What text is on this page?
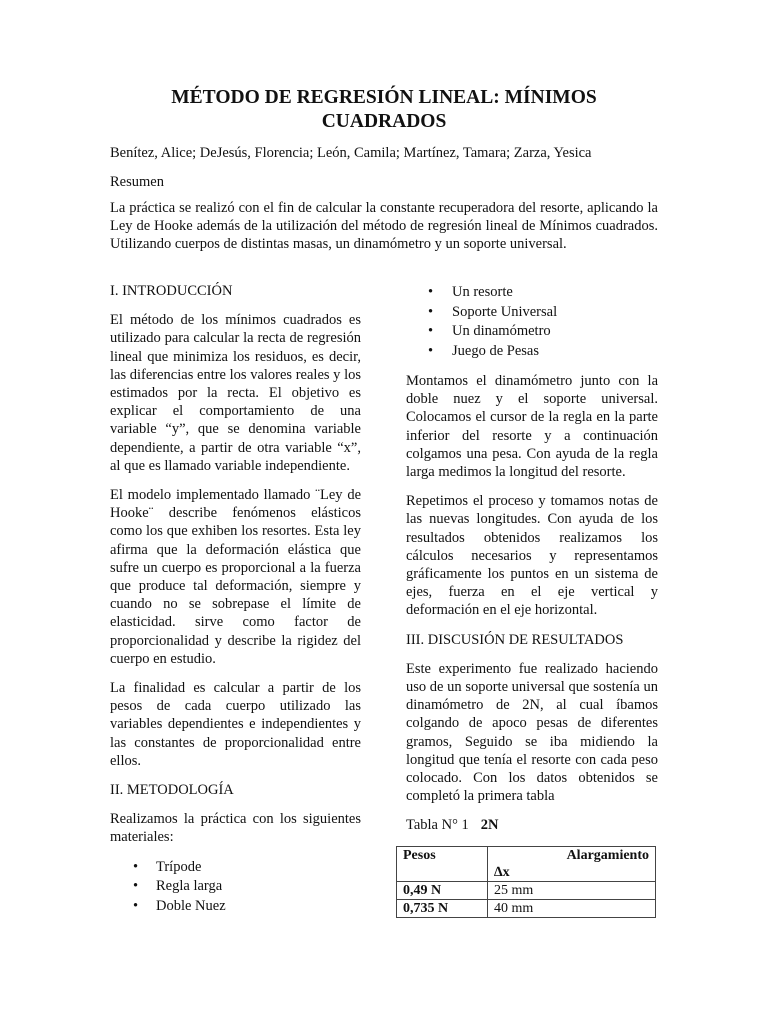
MÉTODO DE REGRESIÓN LINEAL: MÍNIMOS CUADRADOS
Benítez, Alice; DeJesús, Florencia; León, Camila; Martínez, Tamara; Zarza, Yesica
Resumen
La práctica se realizó con el fin de calcular la constante recuperadora del resorte, aplicando la Ley de Hooke además de la utilización del método de regresión lineal de Mínimos cuadrados. Utilizando cuerpos de distintas masas, un dinamómetro y un soporte universal.
I. INTRODUCCIÓN

El método de los mínimos cuadrados es utilizado para calcular la recta de regresión lineal que minimiza los residuos, es decir, las diferencias entre los valores reales y los estimados por la recta. El objetivo es explicar el comportamiento de una variable “y”, que se denomina variable dependiente, a partir de otra variable “x”, al que es llamado variable independiente.

El modelo implementado llamado ¨Ley de Hooke¨ describe fenómenos elásticos como los que exhiben los resortes. Esta ley afirma que la deformación elástica que sufre un cuerpo es proporcional a la fuerza que produce tal deformación, siempre y cuando no se sobrepase el límite de elasticidad. sirve como factor de proporcionalidad y describe la rigidez del cuerpo en estudio.

La finalidad es calcular a partir de los pesos de cada cuerpo utilizado las variables dependientes e independientes y las constantes de proporcionalidad entre ellos.

II. METODOLOGÍA

Realizamos la práctica con los siguientes materiales:

• Trípode
• Regla larga
• Doble Nuez
• Un resorte
• Soporte Universal
• Un dinamómetro
• Juego de Pesas

Montamos el dinamómetro junto con la doble nuez y el soporte universal. Colocamos el cursor de la regla en la parte inferior del resorte y a continuación colgamos una pesa. Con ayuda de la regla larga medimos la longitud del resorte.

Repetimos el proceso y tomamos notas de las nuevas longitudes. Con ayuda de los resultados obtenidos realizamos los cálculos necesarios y representamos gráficamente los puntos en un sistema de ejes, fuerza en el eje vertical y deformación en el eje horizontal.

III. DISCUSIÓN DE RESULTADOS

Este experimento fue realizado haciendo uso de un soporte universal que sostenía un dinamómetro de 2N, al cual íbamos colgando de apoco pesas de diferentes gramos, Seguido se iba midiendo la longitud que tenía el resorte con cada peso colocado. Con los datos obtenidos se completó la primera tabla

Tabla N° 1 2N
Pesos	Alargamiento
∆x

0,49 N	25 mm
0,735 N	40 mm
